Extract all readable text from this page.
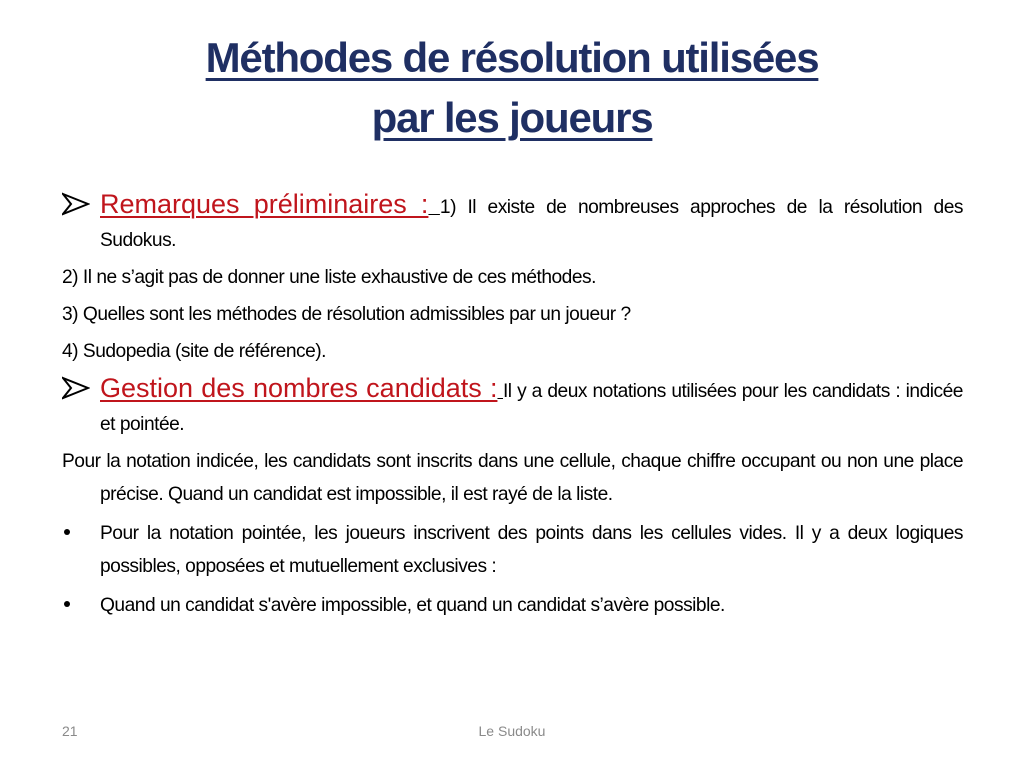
Méthodes de résolution utilisées
par les joueurs

Remarques préliminaires : 1) Il existe de nombreuses approches de la résolution des Sudokus.

2) Il ne s’agit pas de donner une liste exhaustive de ces méthodes.

3) Quelles sont les méthodes de résolution admissibles par un joueur ?

4) Sudopedia (site de référence).

Gestion des nombres candidats : Il y a deux notations utilisées pour les candidats : indicée et pointée.

Pour la notation indicée, les candidats sont inscrits dans une cellule, chaque chiffre occupant ou non une place précise. Quand un candidat est impossible, il est rayé de la liste.

Pour la notation pointée, les joueurs inscrivent des points dans les cellules vides. Il y a deux logiques possibles, opposées et mutuellement exclusives :

Quand un candidat s'avère impossible, et quand un candidat s’avère possible.

21	Le Sudoku
